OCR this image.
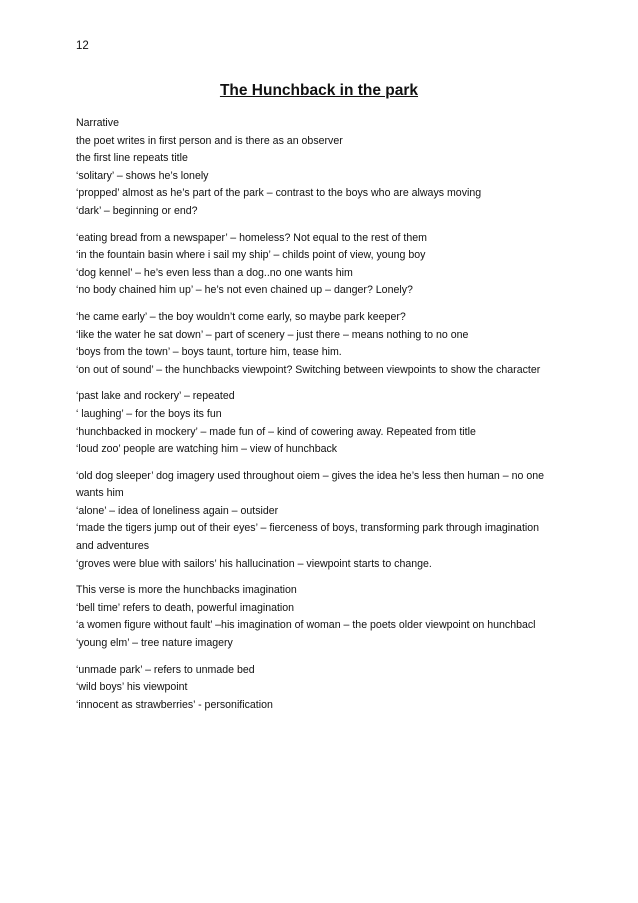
12
The Hunchback in the park
Narrative
the poet writes in first person and is there as an observer
the first line repeats title
‘solitary’ – shows he’s lonely
‘propped’ almost as he’s part of the park – contrast to the boys who are always moving
‘dark’ – beginning or end?
‘eating bread from a newspaper’ – homeless? Not equal to the rest of them
‘in the fountain basin where i sail my ship’ – childs point of view, young boy
‘dog kennel’ – he’s even less than a dog..no one wants him
‘no body chained him up’ – he’s not even chained up – danger? Lonely?
‘he came early’ – the boy wouldn’t come early, so maybe park keeper?
‘like the water he sat down’ – part of scenery – just there – means nothing to no one
‘boys from the town’ – boys taunt, torture him, tease him.
‘on out of sound’ – the hunchbacks viewpoint? Switching between viewpoints to show the character
‘past lake and rockery’ – repeated
‘ laughing’ – for the boys its fun
‘hunchbacked in mockery’ – made fun of – kind of cowering away. Repeated from title
‘loud zoo’ people are watching him – view of hunchback
‘old dog sleeper’ dog imagery used throughout oiem – gives the idea he’s less then human – no one
wants him
‘alone’ – idea of loneliness again – outsider
‘made the tigers jump out of their eyes’ – fierceness of boys, transforming park through imagination
and adventures
‘groves were blue with sailors’ his hallucination – viewpoint starts to change.
This verse is more the hunchbacks imagination
‘bell time’ refers to death, powerful imagination
‘a women figure without fault’ –his imagination of woman – the poets older viewpoint on hunchbacl
‘young elm’ – tree nature imagery
‘unmade park’ – refers to unmade bed
‘wild boys’ his viewpoint
‘innocent as strawberries’ - personification
